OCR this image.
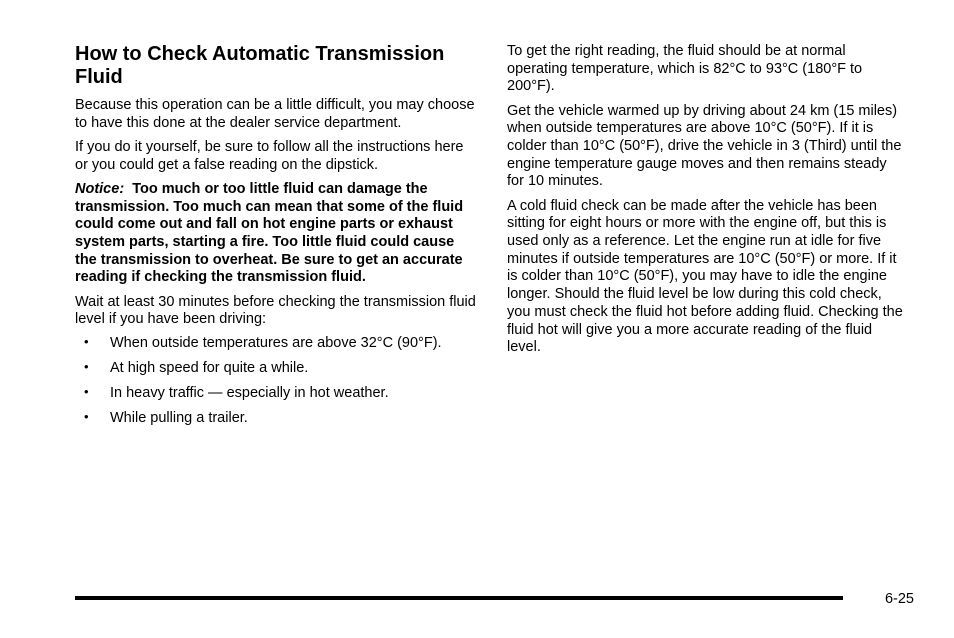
How to Check Automatic Transmission Fluid

Because this operation can be a little difficult, you may choose to have this done at the dealer service department.

If you do it yourself, be sure to follow all the instructions here or you could get a false reading on the dipstick.

Notice: Too much or too little fluid can damage the transmission. Too much can mean that some of the fluid could come out and fall on hot engine parts or exhaust system parts, starting a fire. Too little fluid could cause the transmission to overheat. Be sure to get an accurate reading if checking the transmission fluid.

Wait at least 30 minutes before checking the transmission fluid level if you have been driving:

• When outside temperatures are above 32°C (90°F).
• At high speed for quite a while.
• In heavy traffic — especially in hot weather.
• While pulling a trailer.

To get the right reading, the fluid should be at normal operating temperature, which is 82°C to 93°C (180°F to 200°F).

Get the vehicle warmed up by driving about 24 km (15 miles) when outside temperatures are above 10°C (50°F). If it is colder than 10°C (50°F), drive the vehicle in 3 (Third) until the engine temperature gauge moves and then remains steady for 10 minutes.

A cold fluid check can be made after the vehicle has been sitting for eight hours or more with the engine off, but this is used only as a reference. Let the engine run at idle for five minutes if outside temperatures are 10°C (50°F) or more. If it is colder than 10°C (50°F), you may have to idle the engine longer. Should the fluid level be low during this cold check, you must check the fluid hot before adding fluid. Checking the fluid hot will give you a more accurate reading of the fluid level.

6-25
